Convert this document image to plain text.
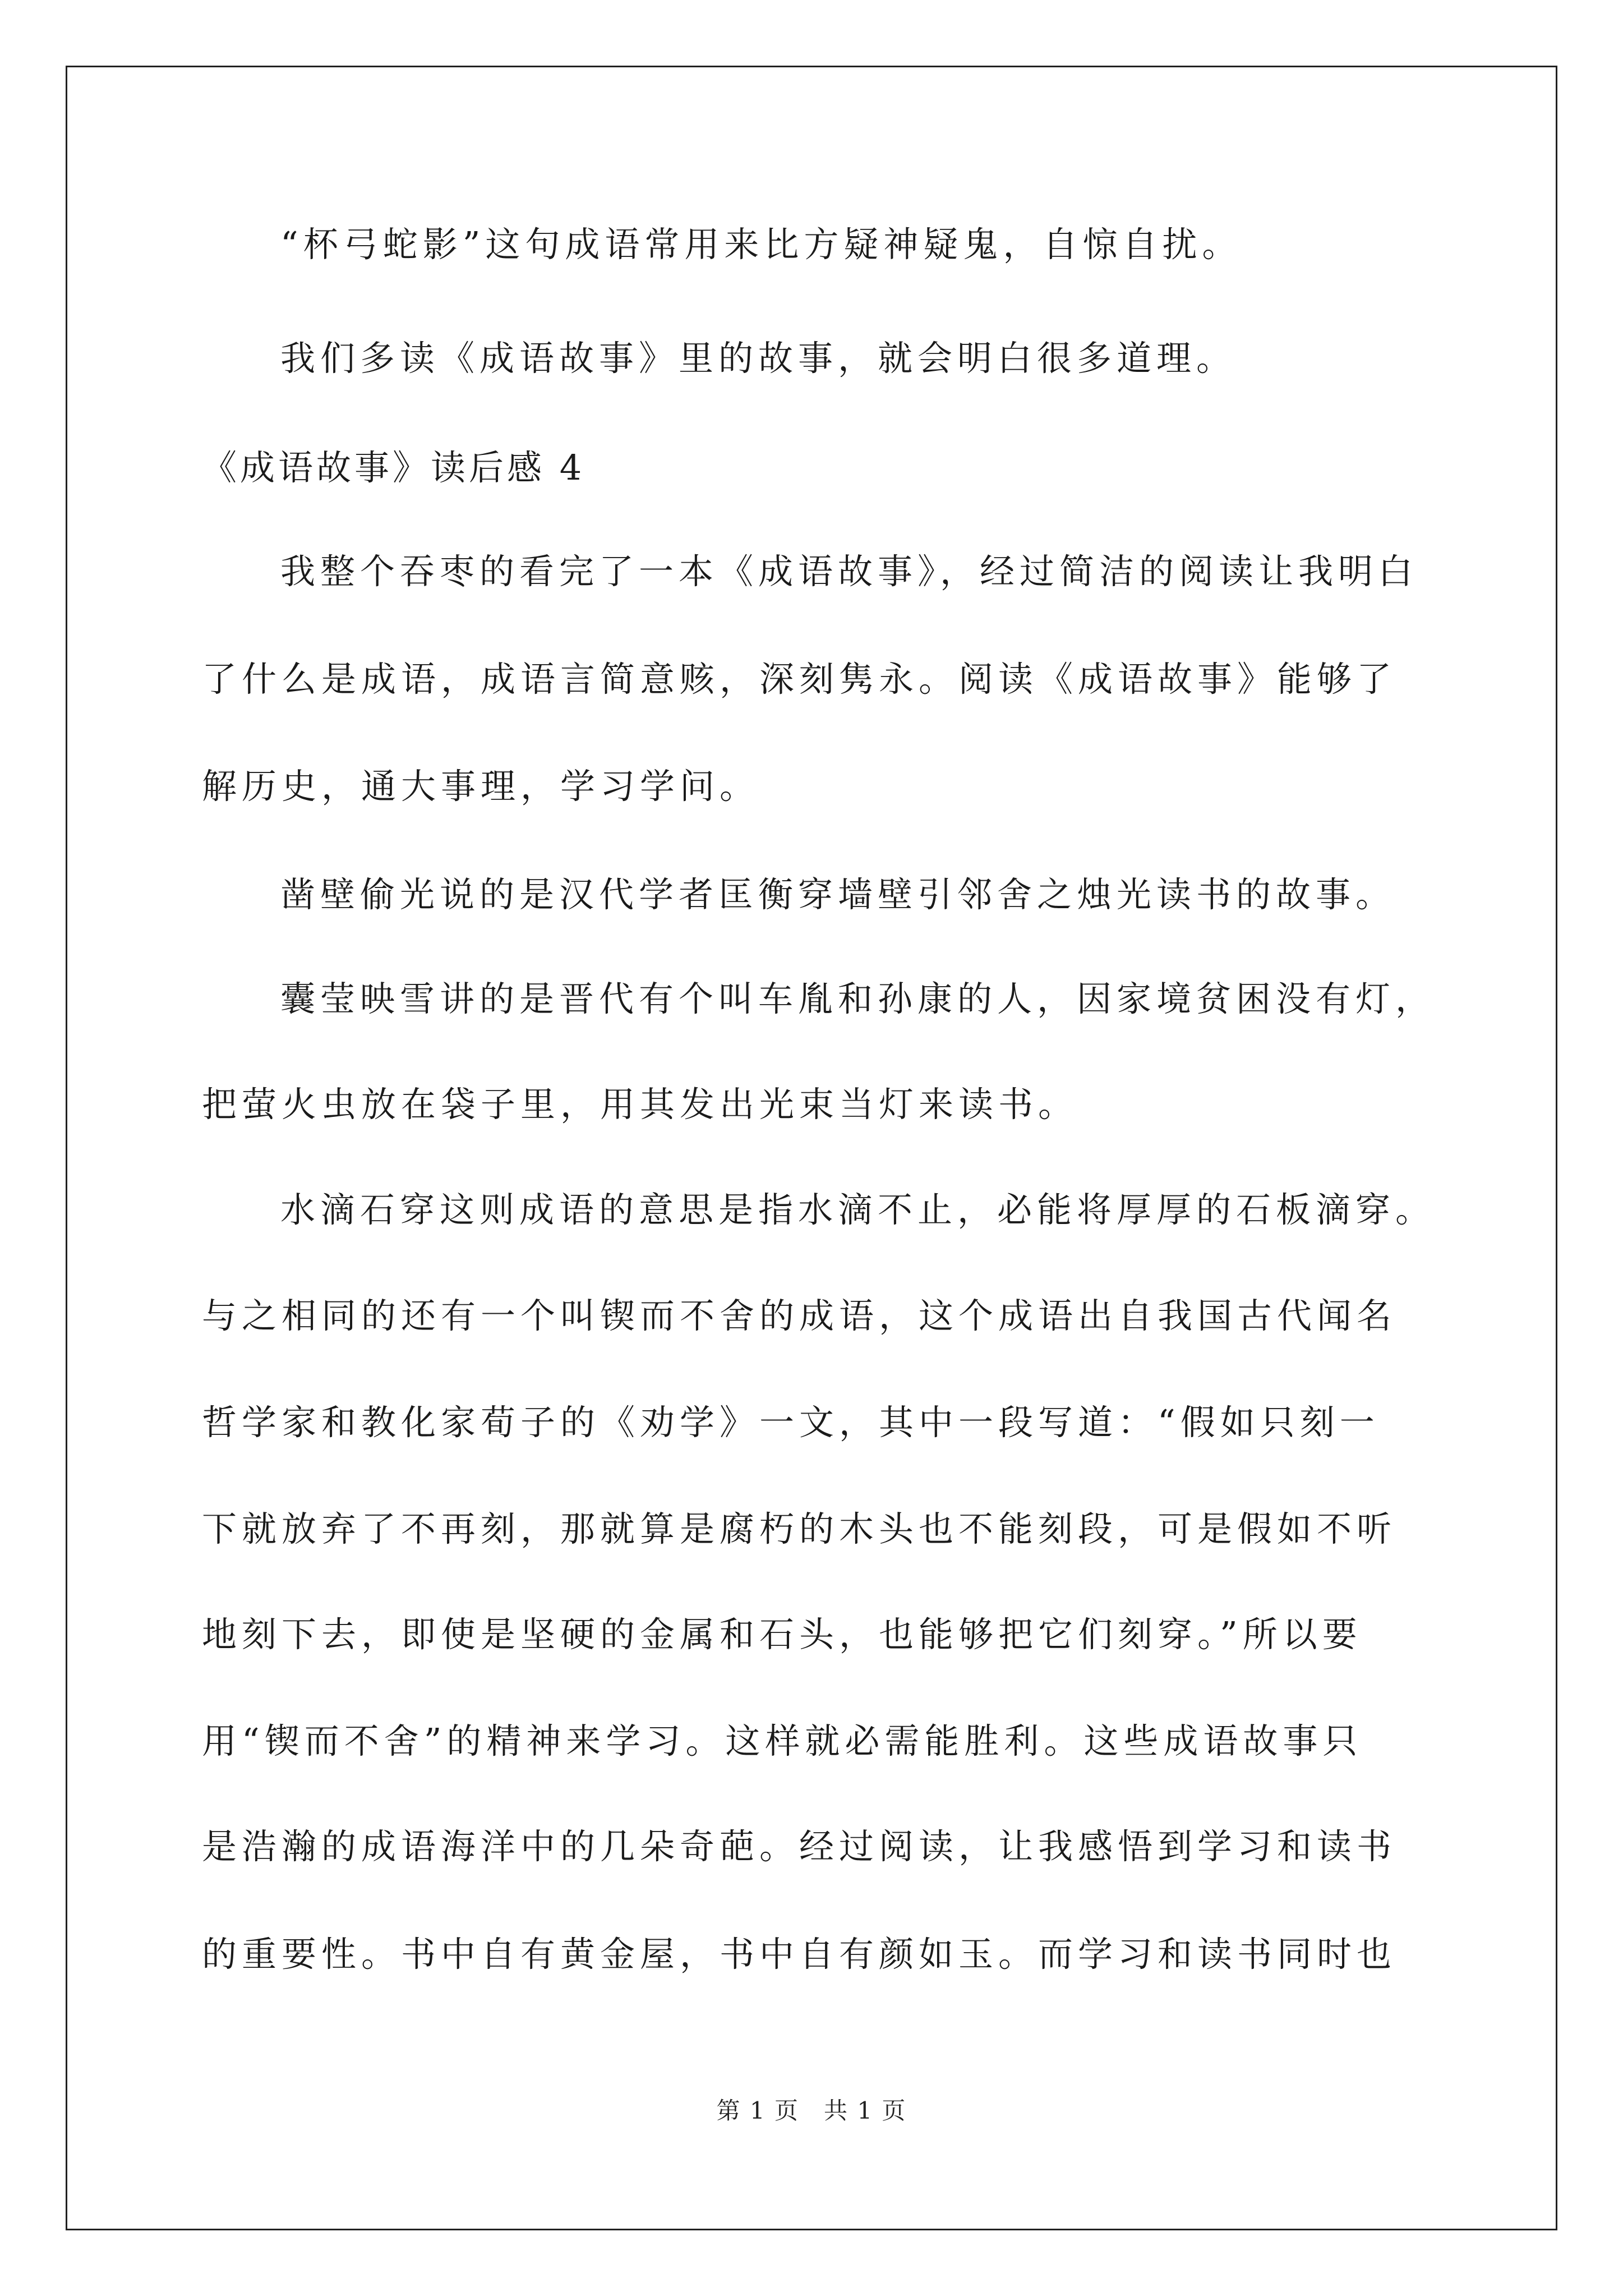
“杯弓蛇影”这句成语常用来比方疑神疑鬼，自惊自扰。
我们多读《成语故事》里的故事，就会明白很多道理。
《成语故事》读后感 4
我整个吞枣的看完了一本《成语故事》，经过简洁的阅读让我明白
了什么是成语，成语言简意赅，深刻隽永。阅读《成语故事》能够了
解历史，通大事理，学习学问。
凿壁偷光说的是汉代学者匡衡穿墙壁引邻舍之烛光读书的故事。
囊莹映雪讲的是晋代有个叫车胤和孙康的人，因家境贫困没有灯，
把萤火虫放在袋子里，用其发出光束当灯来读书。
水滴石穿这则成语的意思是指水滴不止，必能将厚厚的石板滴穿。
与之相同的还有一个叫锲而不舍的成语，这个成语出自我国古代闻名
哲学家和教化家荀子的《劝学》一文，其中一段写道：“假如只刻一
下就放弃了不再刻，那就算是腐朽的木头也不能刻段，可是假如不听
地刻下去，即使是坚硬的金属和石头，也能够把它们刻穿。”所以要
用“锲而不舍”的精神来学习。这样就必需能胜利。这些成语故事只
是浩瀚的成语海洋中的几朵奇葩。经过阅读，让我感悟到学习和读书
的重要性。书中自有黄金屋，书中自有颜如玉。而学习和读书同时也
第 1 页　共 1 页
